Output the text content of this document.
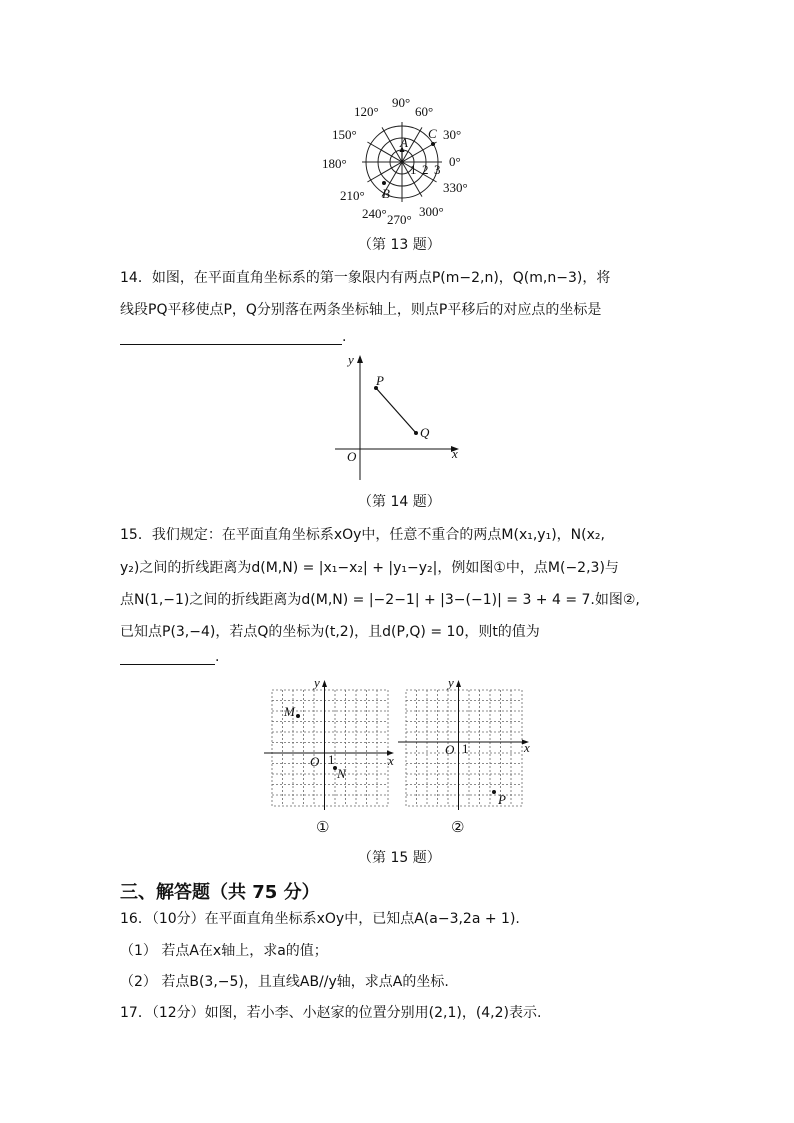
90°
120°	60°
150°	30°
180°	0°
210°
330°
240° 270°
300°
1 2 3
A
B
C
（第 13 题）
14．如图，在平面直角坐标系的第一象限内有两点P(m−2,n)，Q(m,n−3)，将
线段PQ平移使点P，Q分别落在两条坐标轴上，则点P平移后的对应点的坐标是
.
x
y
O
P
Q
（第 14 题）
15．我们规定：在平面直角坐标系xOy中，任意不重合的两点M(x₁,y₁)，N(x₂,
y₂)之间的折线距离为d(M,N) = |x₁−x₂| + |y₁−y₂|，例如图①中，点M(−2,3)与
点N(1,−1)之间的折线距离为d(M,N) = |−2−1| + |3−(−1)| = 3 + 4 = 7.如图②,
已知点P(3,−4)，若点Q的坐标为(t,2)，且d(P,Q) = 10，则t的值为
.
x
y
O 1
M
N
x
y
O 1
P
①	②
（第 15 题）
三、解答题（共 75 分）
16．（10分）在平面直角坐标系xOy中，已知点A(a−3,2a + 1).
（1） 若点A在x轴上，求a的值；
（2） 若点B(3,−5)，且直线AB//y轴，求点A的坐标.
17．（12分）如图，若小李、小赵家的位置分别用(2,1)，(4,2)表示.
